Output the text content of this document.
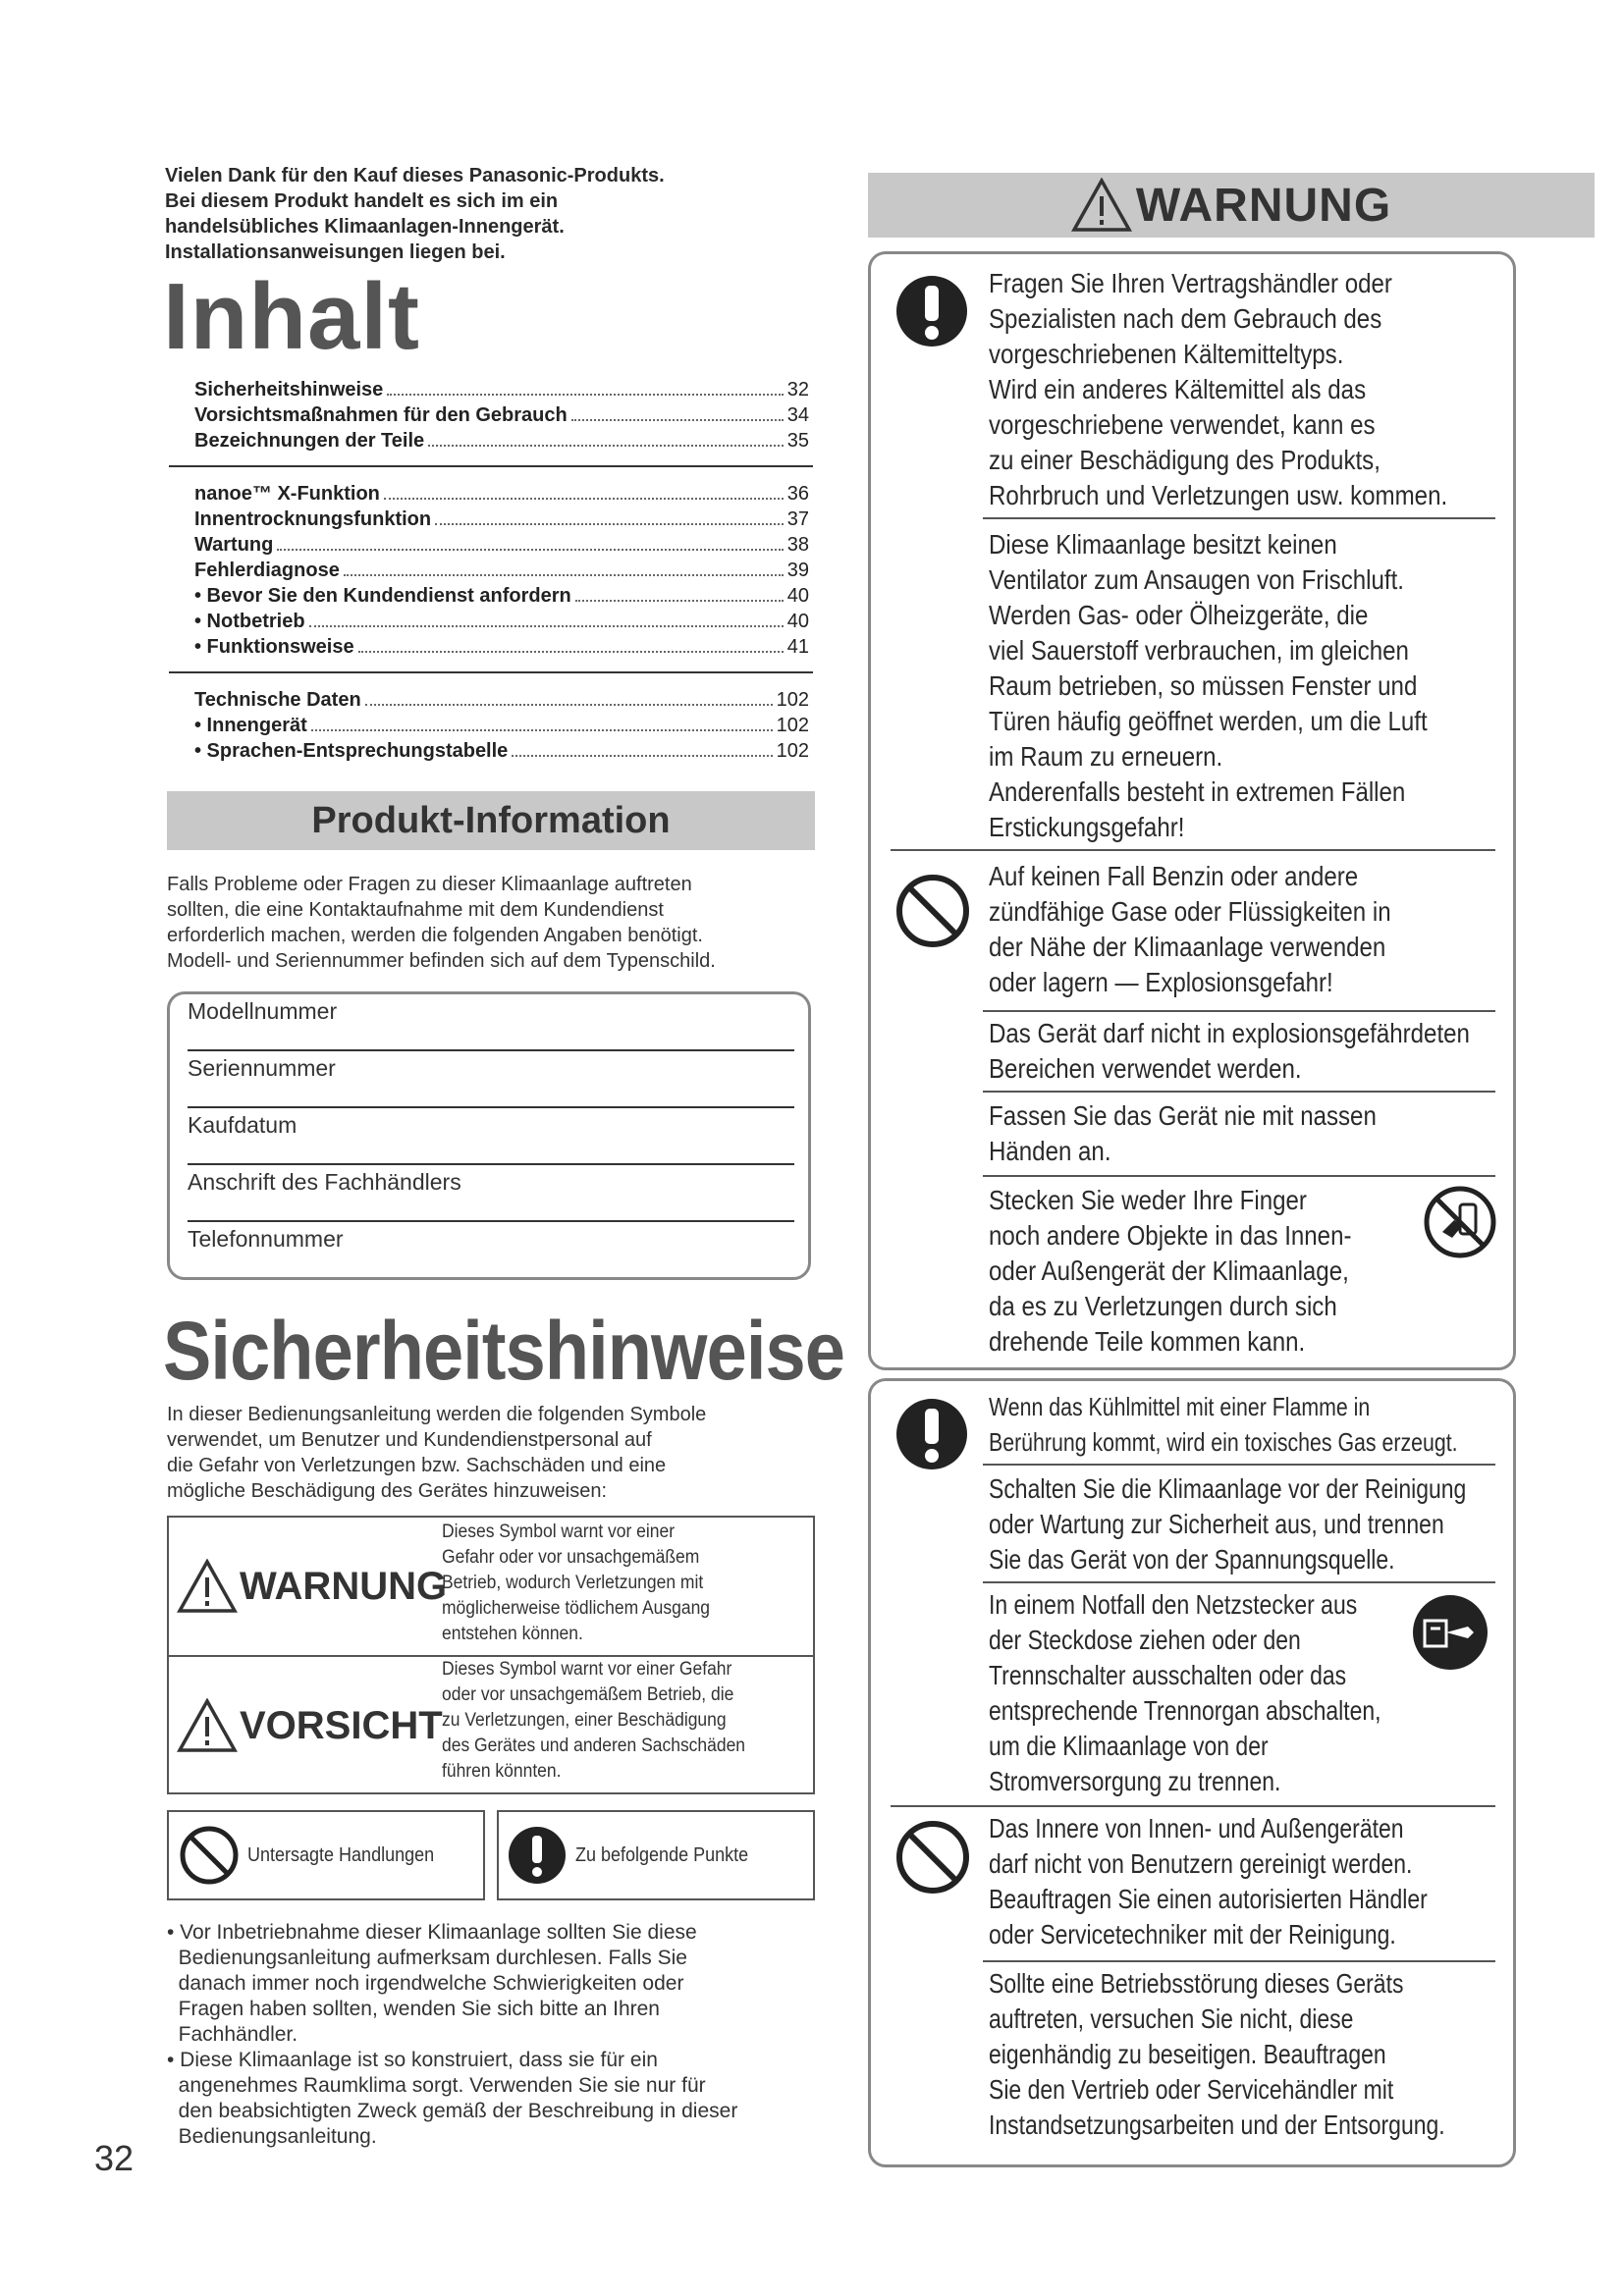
Vielen Dank für den Kauf dieses Panasonic-Produkts.
Bei diesem Produkt handelt es sich im ein
handelsübliches Klimaanlagen-Innengerät.
Installationsanweisungen liegen bei.
Inhalt
Sicherheitshinweise	32
Vorsichtsmaßnahmen für den Gebrauch	34
Bezeichnungen der Teile	35
nanoe™ X-Funktion	36
Innentrocknungsfunktion	37
Wartung	38
Fehlerdiagnose	39
• Bevor Sie den Kundendienst anfordern	40
• Notbetrieb	40
• Funktionsweise	41
Technische Daten	102
• Innengerät	102
• Sprachen-Entsprechungstabelle	102
Produkt-Information
Falls Probleme oder Fragen zu dieser Klimaanlage auftreten
sollten, die eine Kontaktaufnahme mit dem Kundendienst
erforderlich machen, werden die folgenden Angaben benötigt.
Modell- und Seriennummer befinden sich auf dem Typenschild.
Modellnummer
Seriennummer
Kaufdatum
Anschrift des Fachhändlers
Telefonnummer
Sicherheitshinweise
In dieser Bedienungsanleitung werden die folgenden Symbole
verwendet, um Benutzer und Kundendienstpersonal auf
die Gefahr von Verletzungen bzw. Sachschäden und eine
mögliche Beschädigung des Gerätes hinzuweisen:
WARNUNG
Dieses Symbol warnt vor einer
Gefahr oder vor unsachgemäßem
Betrieb, wodurch Verletzungen mit
möglicherweise tödlichem Ausgang
entstehen können.
VORSICHT
Dieses Symbol warnt vor einer Gefahr
oder vor unsachgemäßem Betrieb, die
zu Verletzungen, einer Beschädigung
des Gerätes und anderen Sachschäden
führen könnten.
Untersagte Handlungen	Zu befolgende Punkte
• Vor Inbetriebnahme dieser Klimaanlage sollten Sie diese
Bedienungsanleitung aufmerksam durchlesen. Falls Sie
danach immer noch irgendwelche Schwierigkeiten oder
Fragen haben sollten, wenden Sie sich bitte an Ihren
Fachhändler.
• Diese Klimaanlage ist so konstruiert, dass sie für ein
angenehmes Raumklima sorgt. Verwenden Sie sie nur für
den beabsichtigten Zweck gemäß der Beschreibung in dieser
Bedienungsanleitung.
32
WARNUNG
Fragen Sie Ihren Vertragshändler oder
Spezialisten nach dem Gebrauch des
vorgeschriebenen Kältemitteltyps.
Wird ein anderes Kältemittel als das
vorgeschriebene verwendet, kann es
zu einer Beschädigung des Produkts,
Rohrbruch und Verletzungen usw. kommen.
Diese Klimaanlage besitzt keinen
Ventilator zum Ansaugen von Frischluft.
Werden Gas- oder Ölheizgeräte, die
viel Sauerstoff verbrauchen, im gleichen
Raum betrieben, so müssen Fenster und
Türen häufig geöffnet werden, um die Luft
im Raum zu erneuern.
Anderenfalls besteht in extremen Fällen
Erstickungsgefahr!
Auf keinen Fall Benzin oder andere
zündfähige Gase oder Flüssigkeiten in
der Nähe der Klimaanlage verwenden
oder lagern — Explosionsgefahr!
Das Gerät darf nicht in explosionsgefährdeten
Bereichen verwendet werden.
Fassen Sie das Gerät nie mit nassen
Händen an.
Stecken Sie weder Ihre Finger
noch andere Objekte in das Innen-
oder Außengerät der Klimaanlage,
da es zu Verletzungen durch sich
drehende Teile kommen kann.
Wenn das Kühlmittel mit einer Flamme in
Berührung kommt, wird ein toxisches Gas erzeugt.
Schalten Sie die Klimaanlage vor der Reinigung
oder Wartung zur Sicherheit aus, und trennen
Sie das Gerät von der Spannungsquelle.
In einem Notfall den Netzstecker aus
der Steckdose ziehen oder den
Trennschalter ausschalten oder das
entsprechende Trennorgan abschalten,
um die Klimaanlage von der
Stromversorgung zu trennen.
Das Innere von Innen- und Außengeräten
darf nicht von Benutzern gereinigt werden.
Beauftragen Sie einen autorisierten Händler
oder Servicetechniker mit der Reinigung.
Sollte eine Betriebsstörung dieses Geräts
auftreten, versuchen Sie nicht, diese
eigenhändig zu beseitigen. Beauftragen
Sie den Vertrieb oder Servicehändler mit
Instandsetzungsarbeiten und der Entsorgung.
